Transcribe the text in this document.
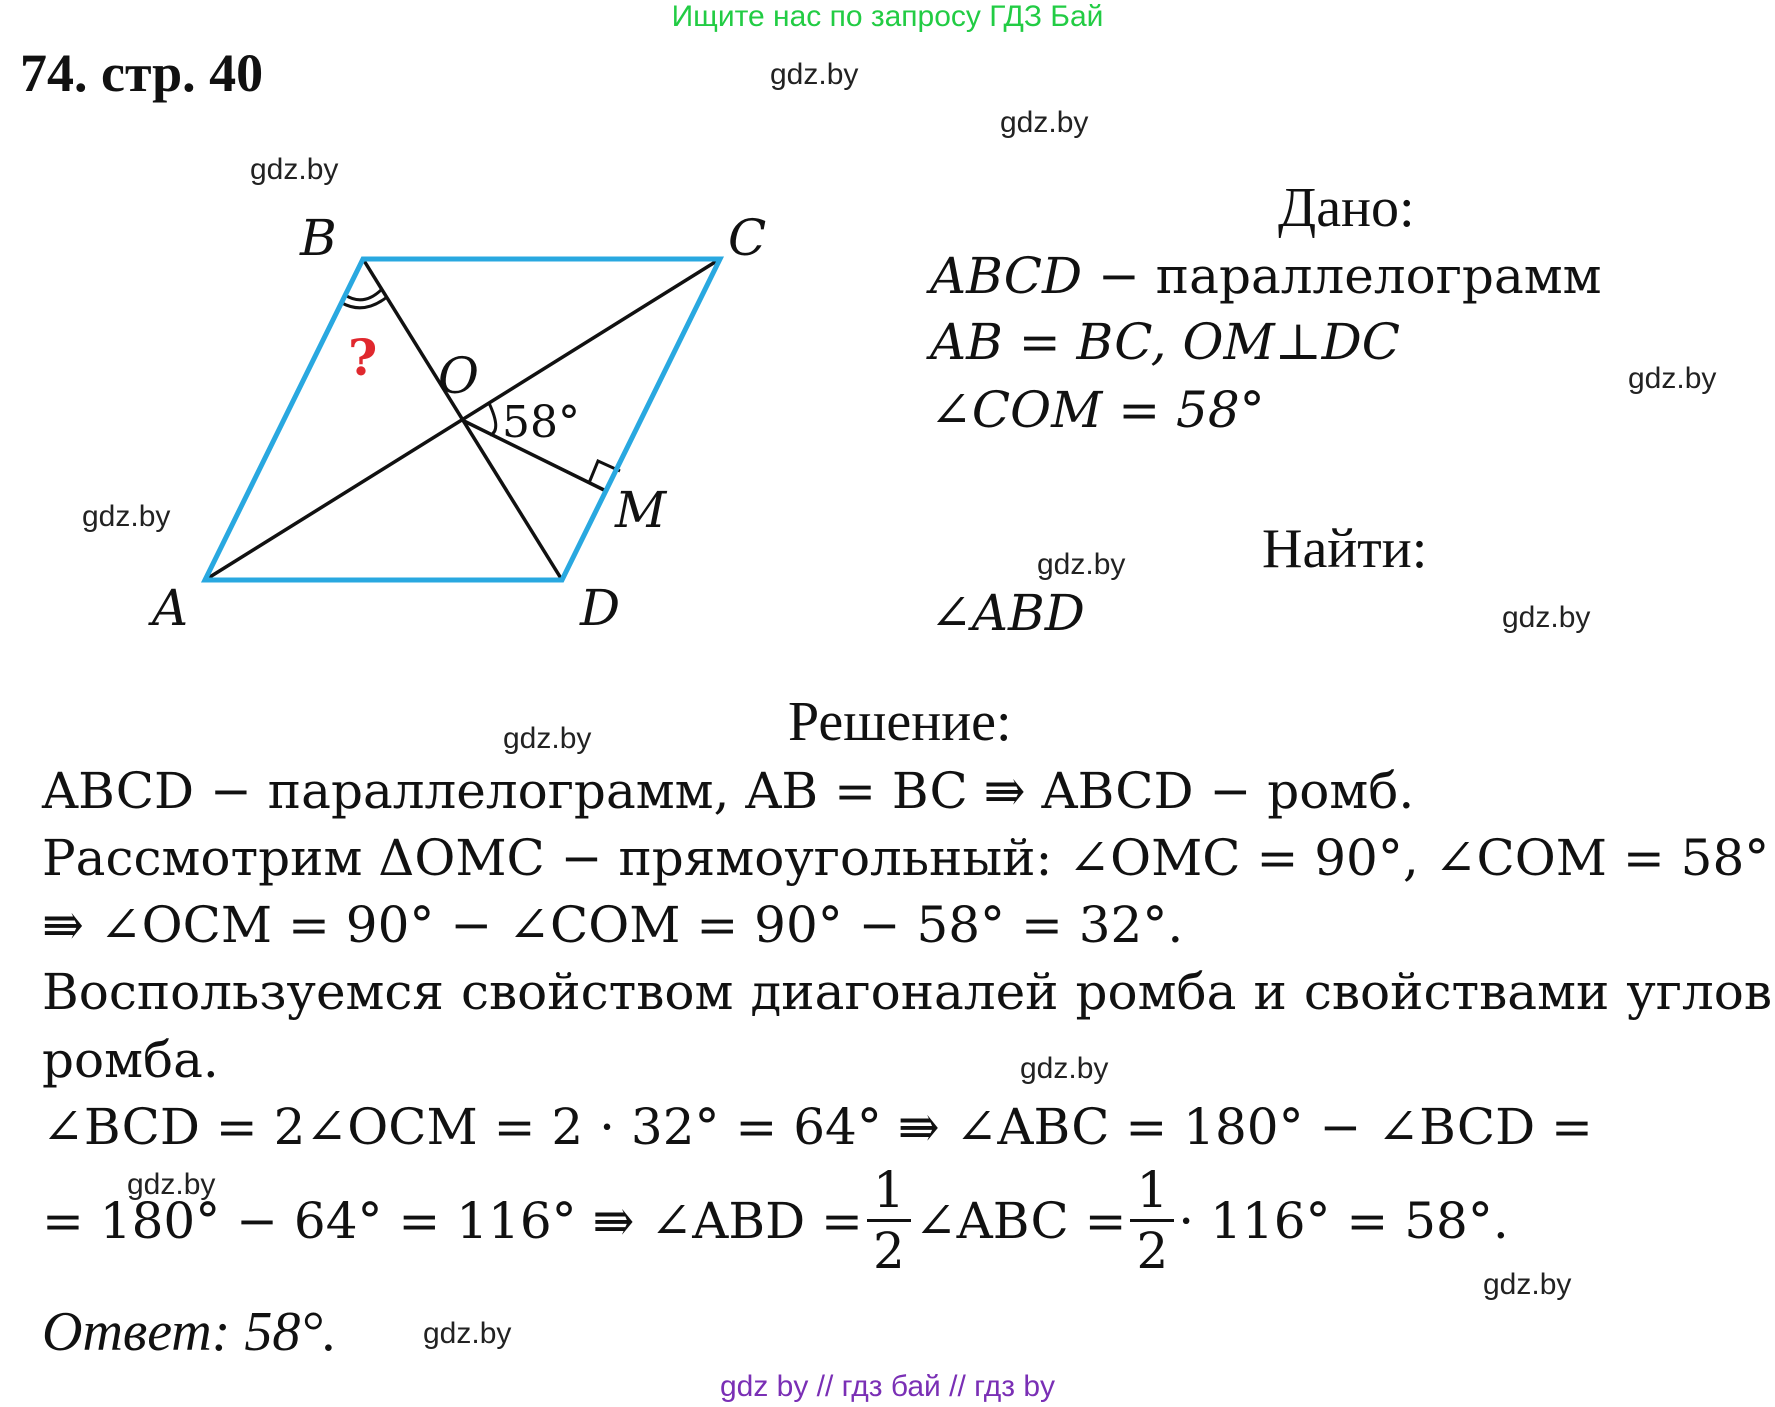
Ищите нас по запросу ГДЗ Бай
74. стр. 40	gdz.by
gdz.by
gdz.by
gdz.by
gdz.by
gdz.by
gdz.by
gdz.by
gdz.by
gdz.by
gdz.by
gdz.by
B	C
A	D
O
M
58°
?
Дано:
ABCD − параллелограмм
AB = BC, OM⊥DC
∠COM = 58°
Найти:
∠ABD
Решение:
ABCD − параллелограмм, AB = BC ⇛ ABCD − ромб.
Рассмотрим ΔOMC − прямоугольный: ∠OMC = 90°, ∠COM = 58°
⇛ ∠OCM = 90° − ∠COM = 90° − 58° = 32°.
Воспользуемся свойством диагоналей ромба и свойствами углов
ромба.
∠BCD = 2∠OCM = 2 · 32° = 64° ⇛ ∠ABC = 180° − ∠BCD =
= 180° − 64° = 116° ⇛ ∠ABD = $\frac{1}{2}$ ∠ABC = $\frac{1}{2} \cdot 116^\circ = 58^\circ$.
Ответ: 58°.
gdz by // гдз бай // гдз by
